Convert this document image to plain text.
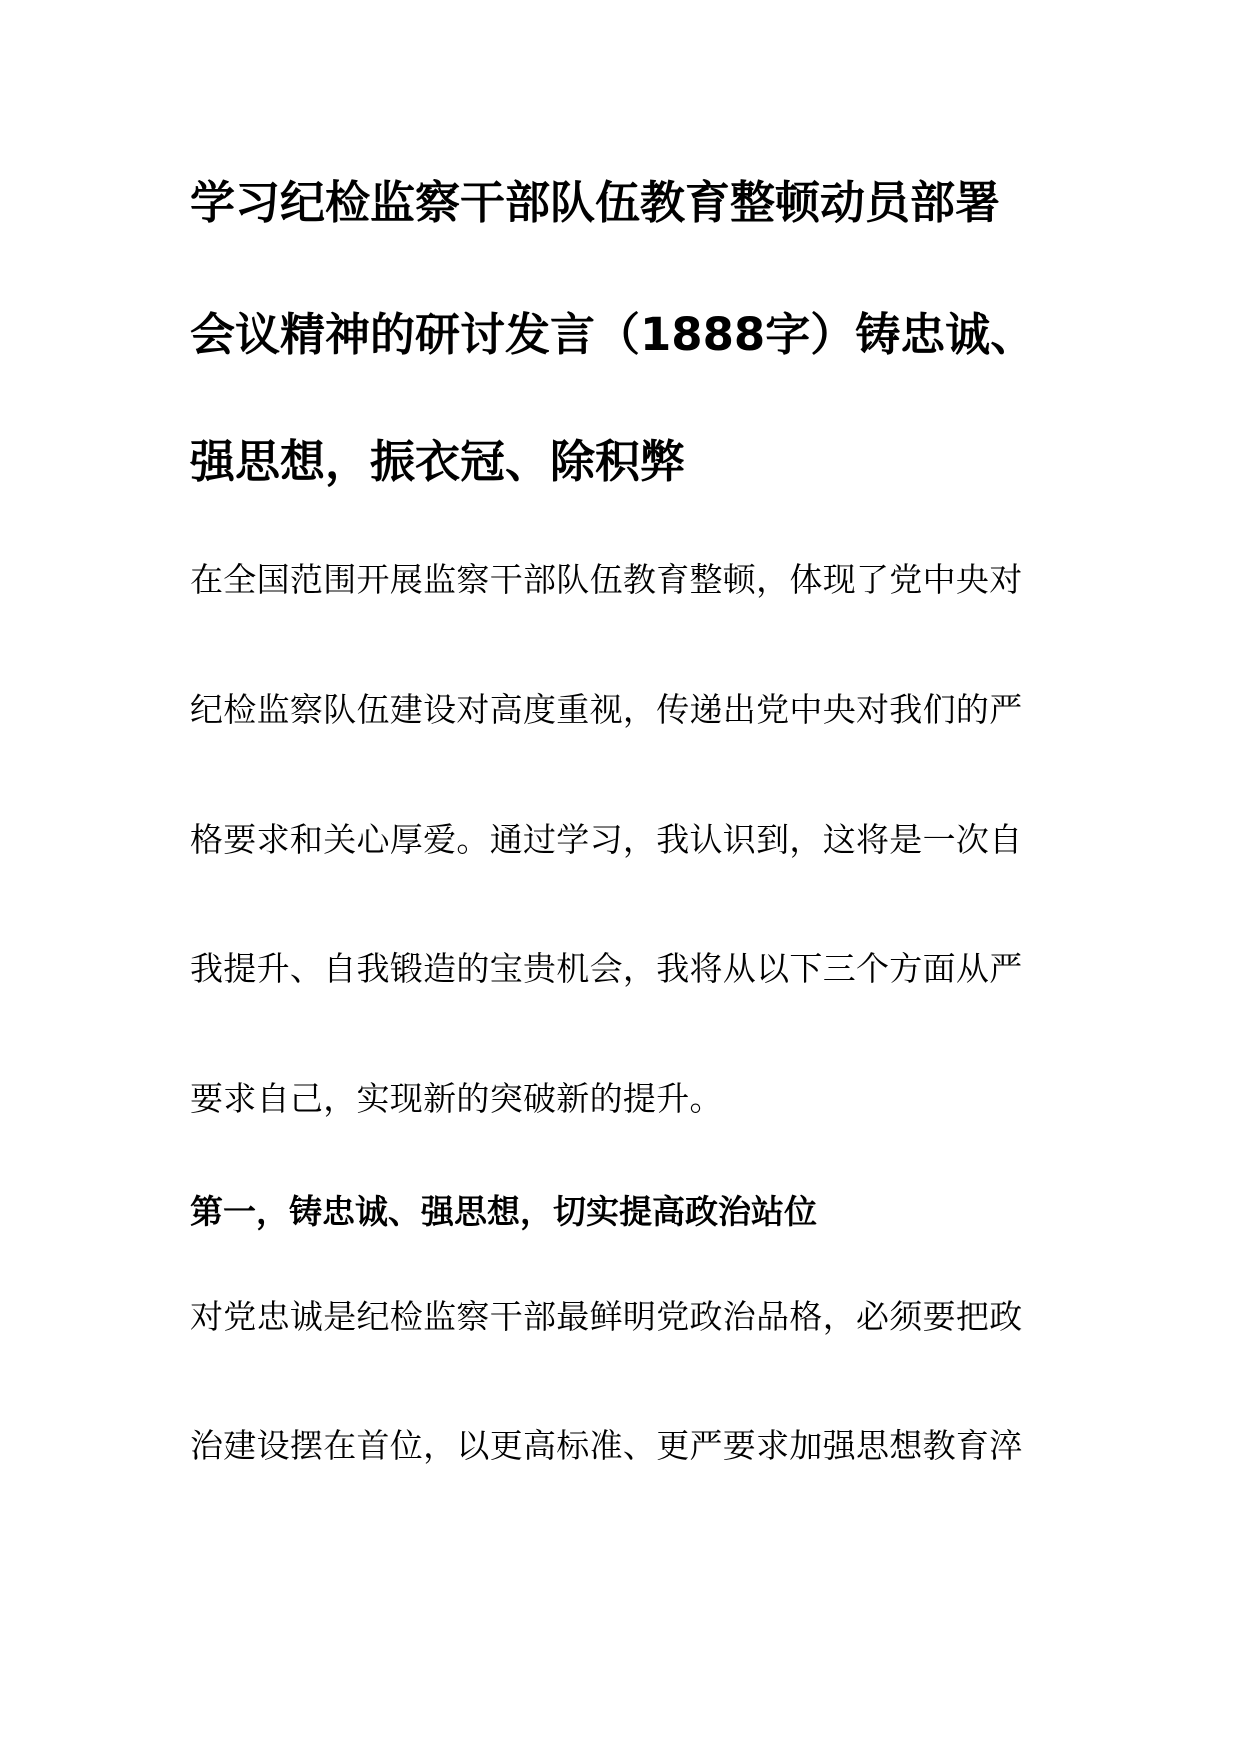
学习纪检监察干部队伍教育整顿动员部署
会议精神的研讨发言（1888字）铸忠诚、
强思想，振衣冠、除积弊
在全国范围开展监察干部队伍教育整顿，体现了党中央对
纪检监察队伍建设对高度重视，传递出党中央对我们的严
格要求和关心厚爱。通过学习，我认识到，这将是一次自
我提升、自我锻造的宝贵机会，我将从以下三个方面从严
要求自己，实现新的突破新的提升。
第一，铸忠诚、强思想，切实提高政治站位
对党忠诚是纪检监察干部最鲜明党政治品格，必须要把政
治建设摆在首位，以更高标准、更严要求加强思想教育淬
